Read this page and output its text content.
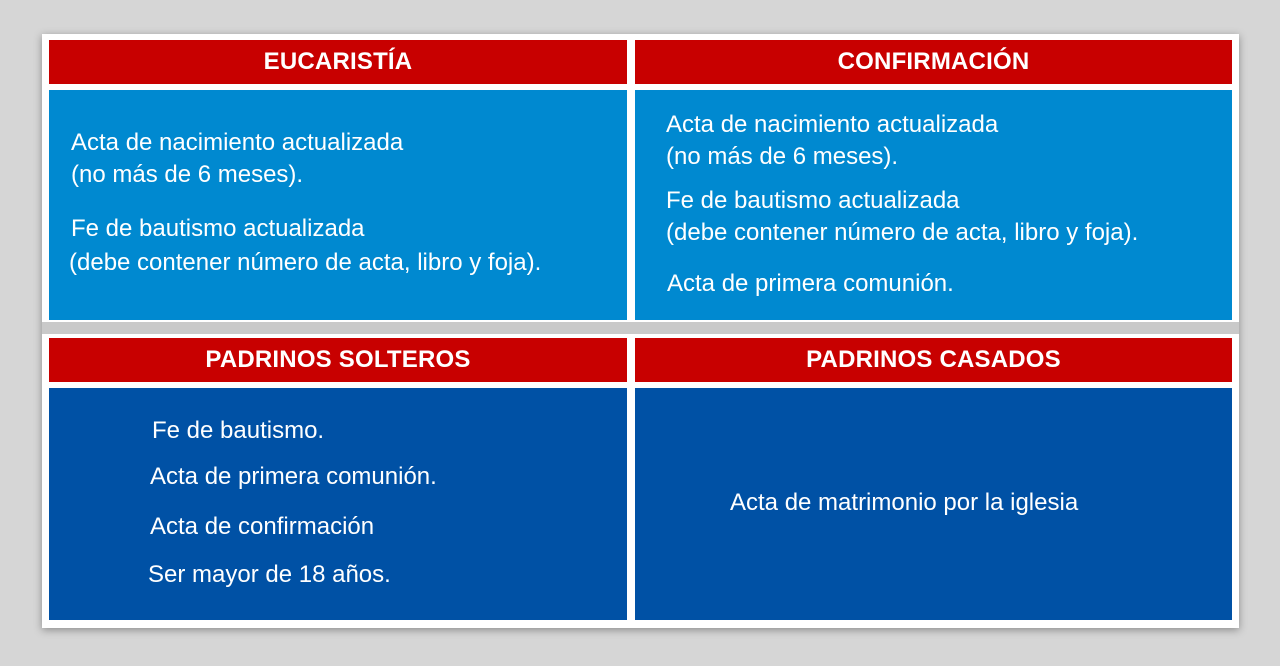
EUCARISTÍA
Acta de nacimiento actualizada
(no más de 6 meses).
Fe de bautismo actualizada
(debe contener número de acta, libro y foja).
CONFIRMACIÓN
Acta de nacimiento actualizada
(no más de 6 meses).
Fe de bautismo actualizada
(debe contener número de acta, libro y foja).
Acta de primera comunión.
PADRINOS SOLTEROS
Fe de bautismo.
Acta de primera comunión.
Acta de confirmación
Ser mayor de 18 años.
PADRINOS CASADOS
Acta de matrimonio por la iglesia
